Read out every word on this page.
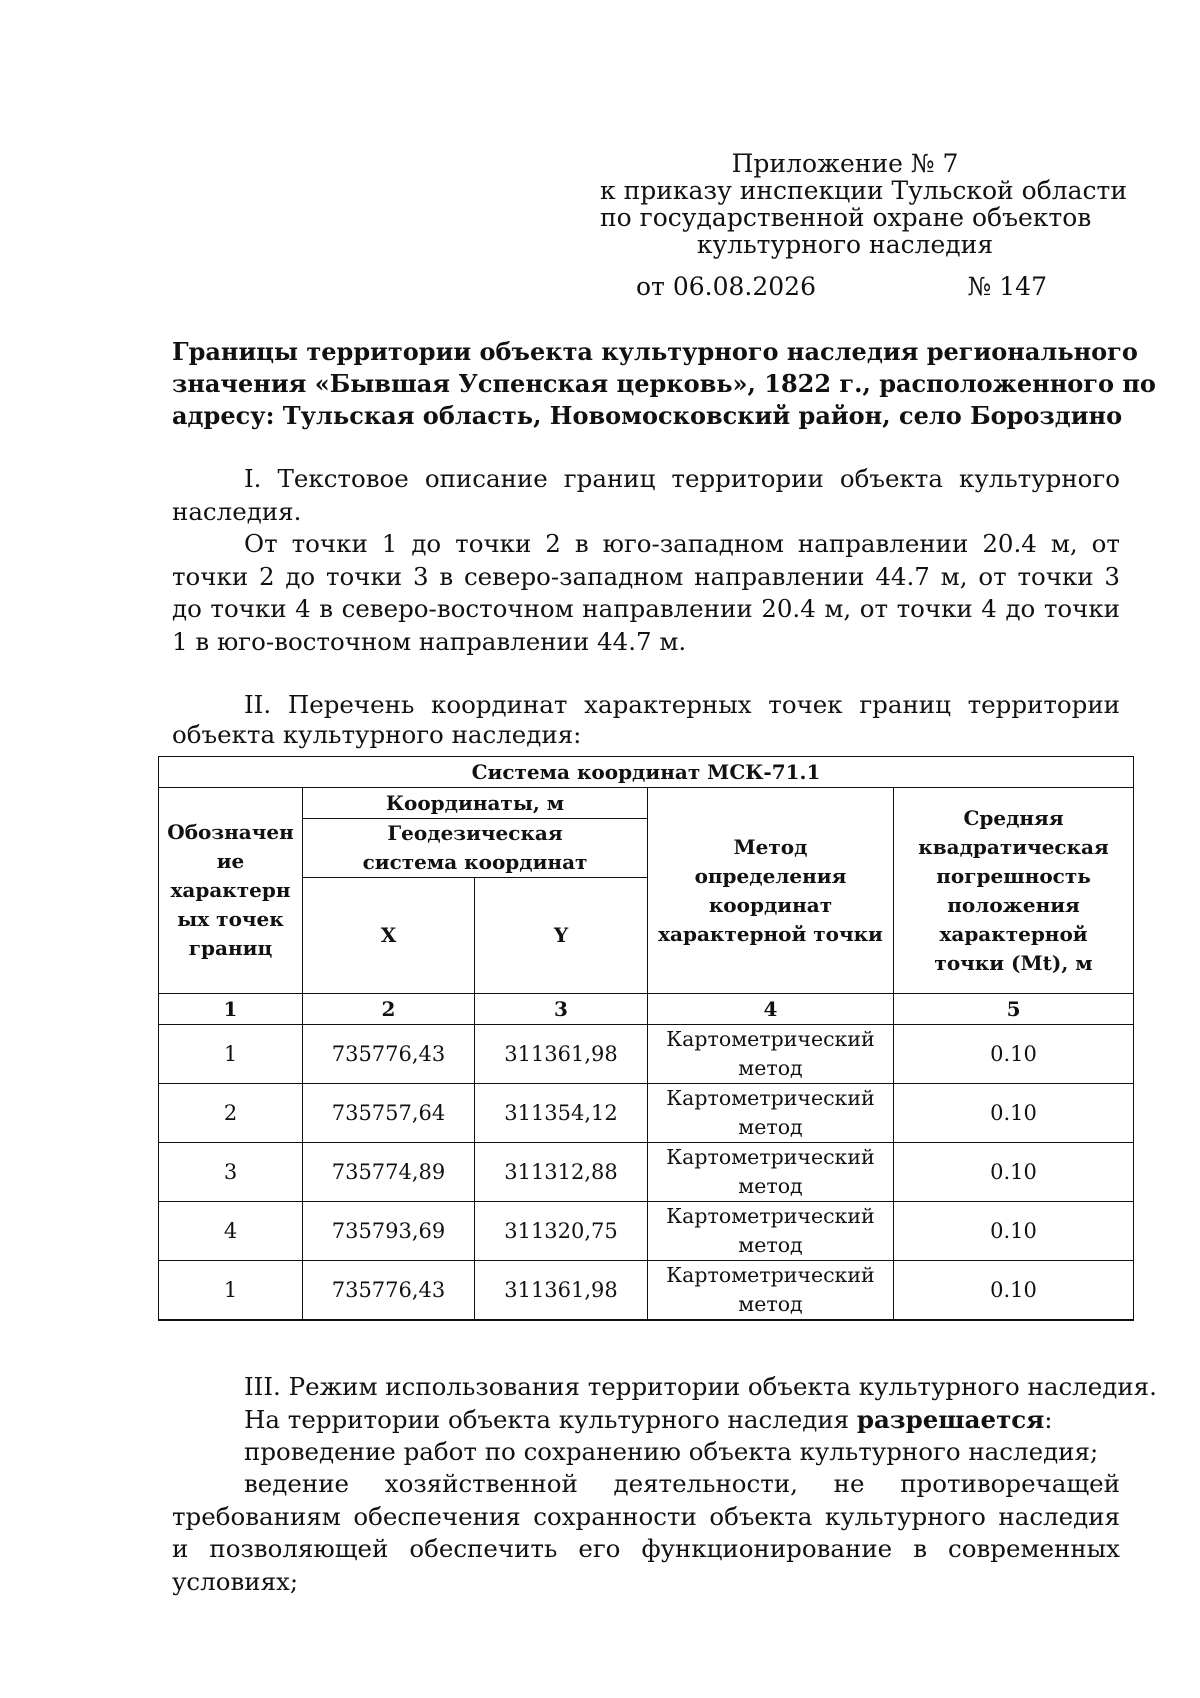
Приложение № 7
к приказу инспекции Тульской области
по государственной охране объектов
культурного наследия
от 06.08.2026	№ 147
Границы территории объекта культурного наследия регионального
значения «Бывшая Успенская церковь», 1822 г., расположенного по
адресу: Тульская область, Новомосковский район, село Бороздино

I. Текстовое описание границ территории объекта культурного наследия.

От точки 1 до точки 2 в юго-западном направлении 20.4 м, от точки 2 до точки 3 в северо-западном направлении 44.7 м, от точки 3 до точки 4 в северо-восточном направлении 20.4 м, от точки 4 до точки 1 в юго-восточном направлении 44.7 м.

II. Перечень координат характерных точек границ территории объекта культурного наследия:

Система координат МСК-71.1				
Обозначен ие характерн ых точек границ	Координаты, м		Метод определения координат характерной точки	Средняя квадратическая погрешность положения характерной точки (Mt), м
	Геодезическая система координат			
	X	Y		
1	2	3	4	5
1	735776,43	311361,98	Картометрический метод	0.10
2	735757,64	311354,12	Картометрический метод	0.10
3	735774,89	311312,88	Картометрический метод	0.10
4	735793,69	311320,75	Картометрический метод	0.10
1	735776,43	311361,98	Картометрический метод	0.10
III. Режим использования территории объекта культурного наследия.
На территории объекта культурного наследия разрешается:
проведение работ по сохранению объекта культурного наследия;

ведение хозяйственной деятельности, не противоречащей требованиям обеспечения сохранности объекта культурного наследия и позволяющей обеспечить его функционирование в современных условиях;
